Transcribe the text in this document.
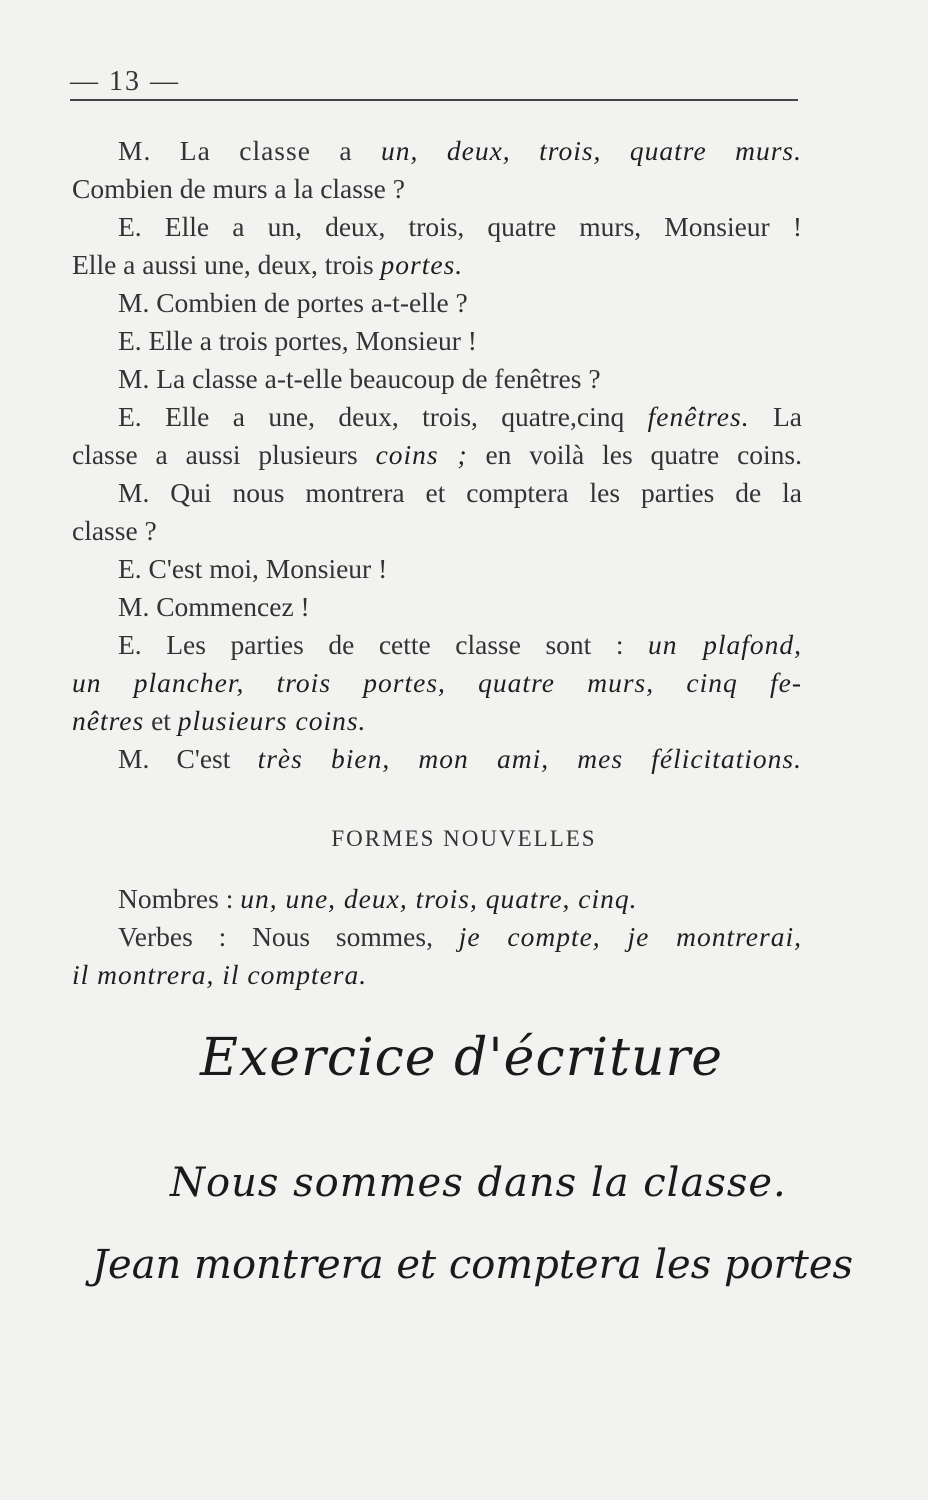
— 13 —
M. La classe a un, deux, trois, quatre murs.
Combien de murs a la classe ?
E. Elle a un, deux, trois, quatre murs, Monsieur !
Elle a aussi une, deux, trois portes.
M. Combien de portes a-t-elle ?
E. Elle a trois portes, Monsieur !
M. La classe a-t-elle beaucoup de fenêtres ?
E. Elle a une, deux, trois, quatre,cinq fenêtres. La
classe a aussi plusieurs coins ; en voilà les quatre coins.
M. Qui nous montrera et comptera les parties de la
classe ?
E. C'est moi, Monsieur !
M. Commencez !
E. Les parties de cette classe sont : un plafond,
un plancher, trois portes, quatre murs, cinq fe-
nêtres et plusieurs coins.
M. C'est très bien, mon ami, mes félicitations.
FORMES NOUVELLES
Nombres : un, une, deux, trois, quatre, cinq.
Verbes : Nous sommes, je compte, je montrerai,
il montrera, il comptera.
Exercice d'écriture
Nous sommes dans la classe.
Jean montrera et comptera les portes
